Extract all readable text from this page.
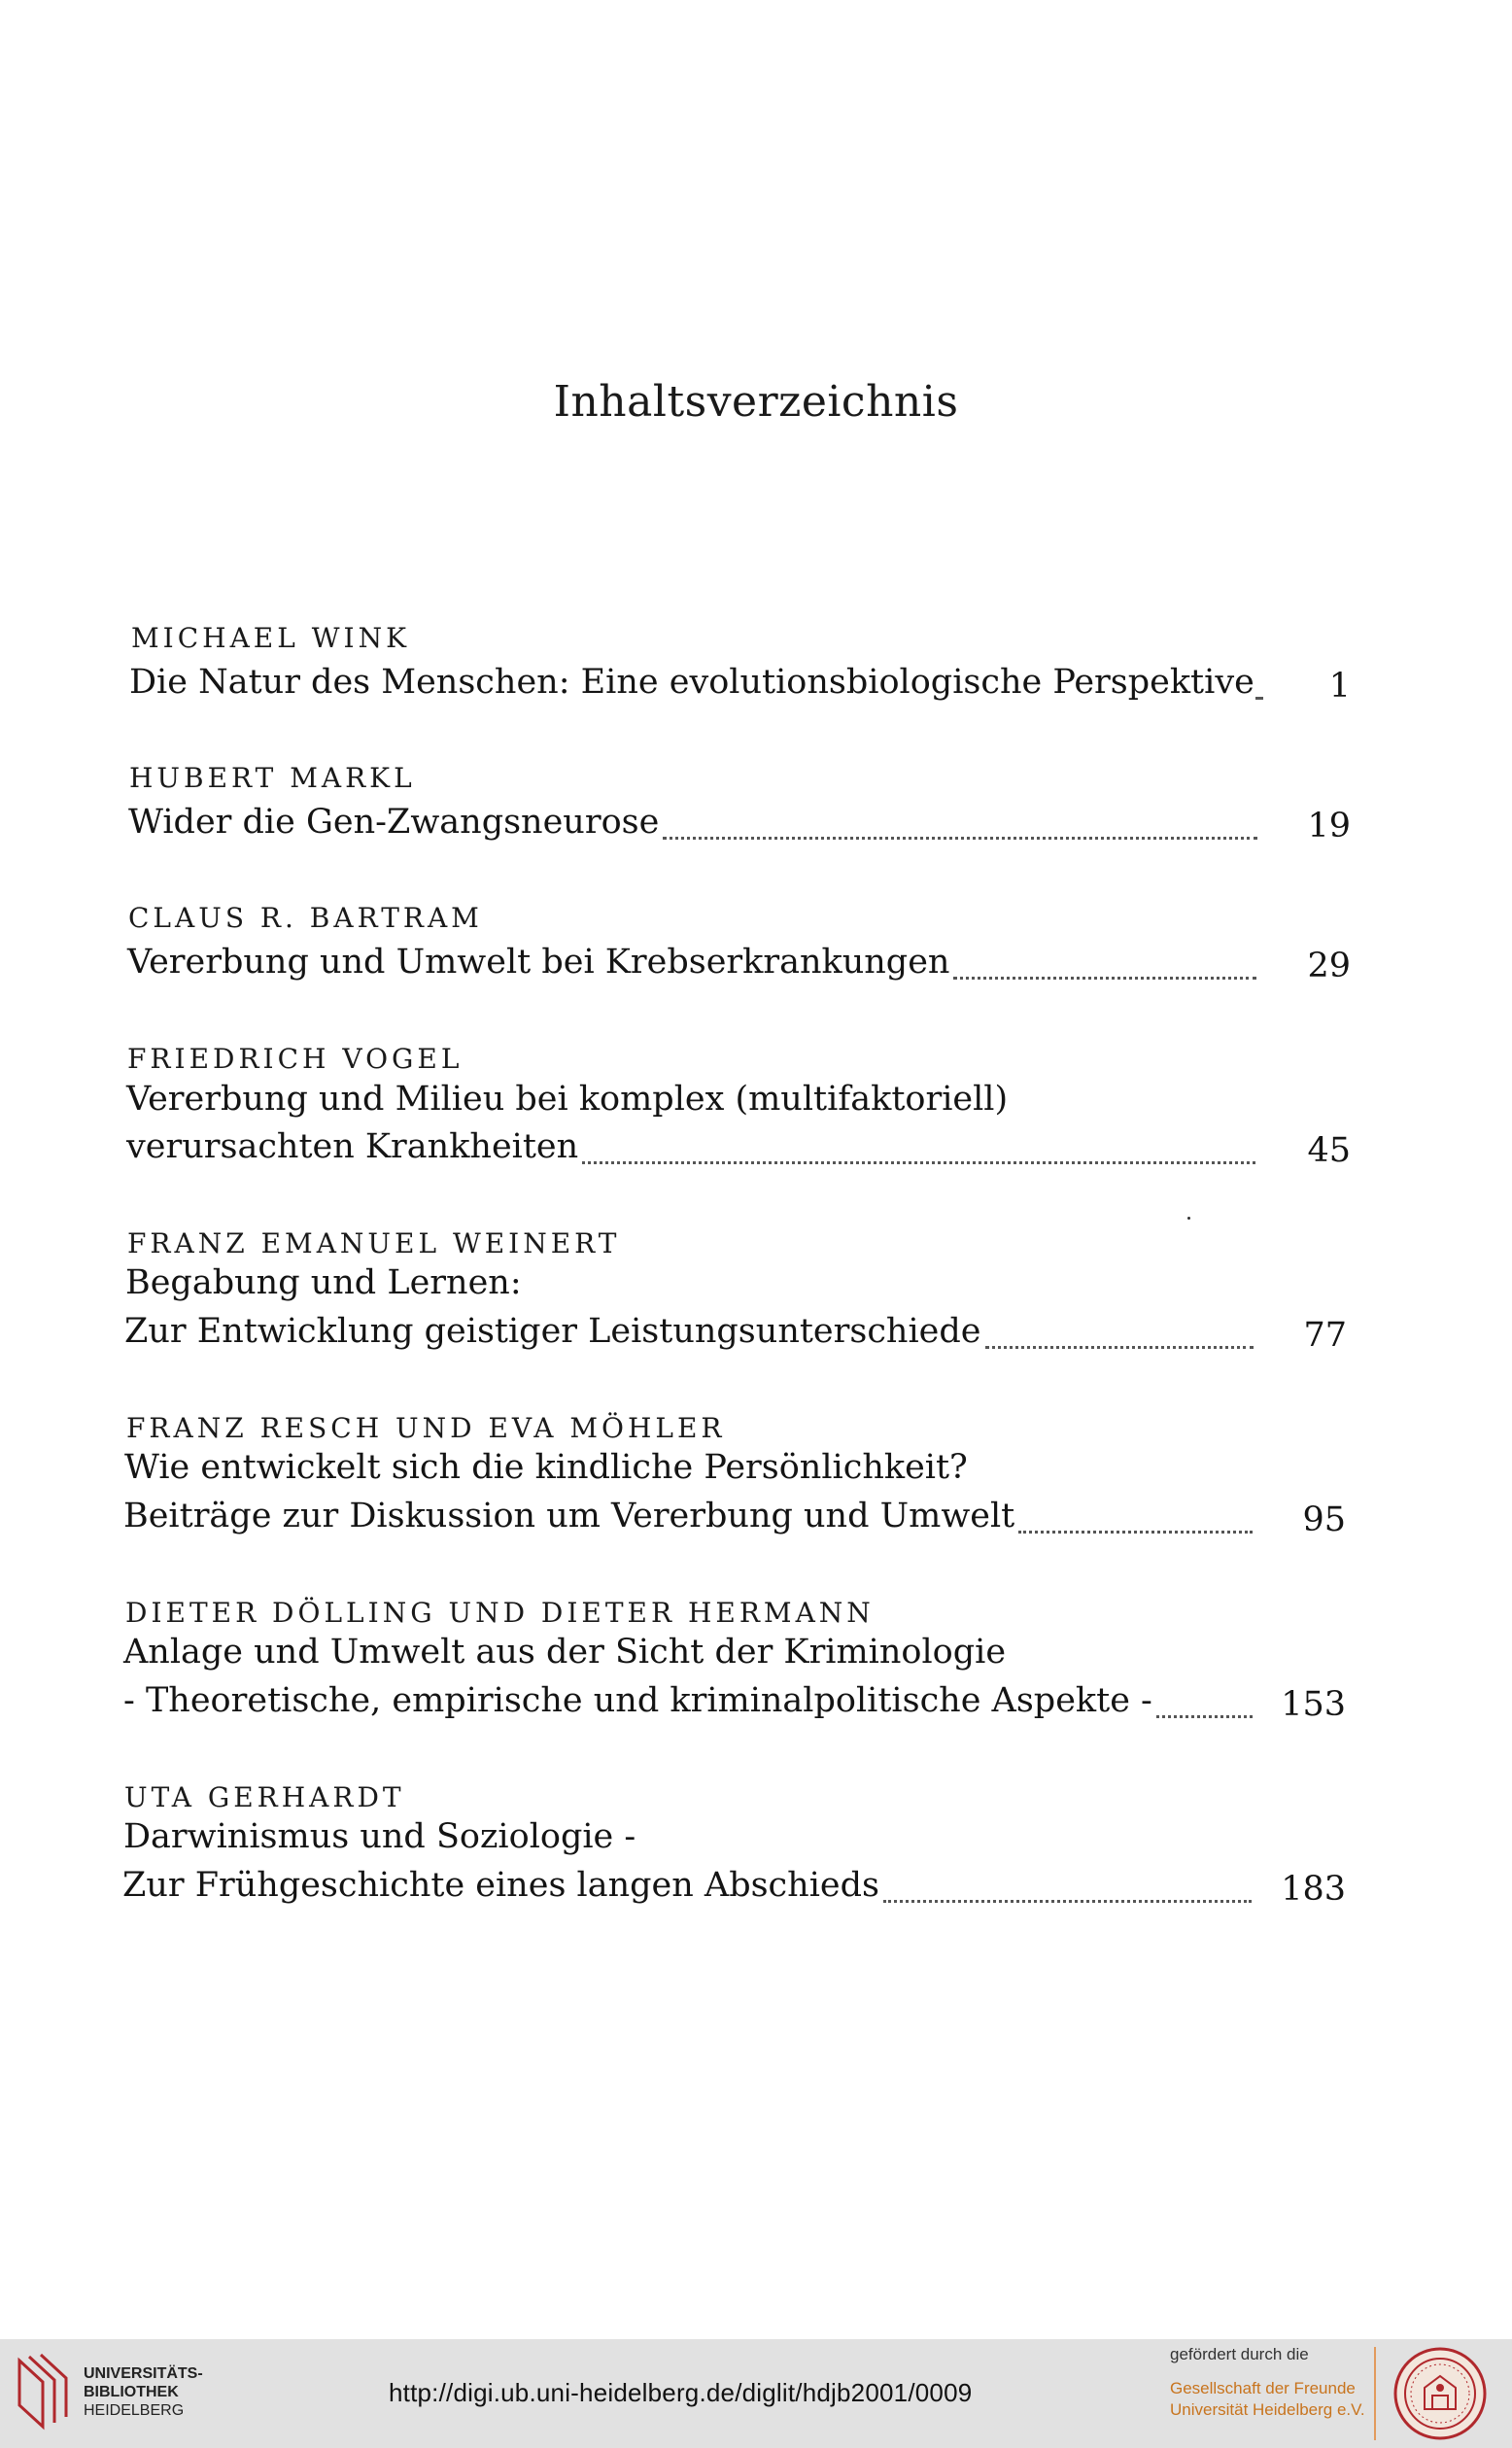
Inhaltsverzeichnis
MICHAEL WINK
Die Natur des Menschen: Eine evolutionsbiologische Perspektive	1
HUBERT MARKL
Wider die Gen-Zwangsneurose	19
CLAUS R. BARTRAM
Vererbung und Umwelt bei Krebserkrankungen	29
FRIEDRICH VOGEL
Vererbung und Milieu bei komplex (multifaktoriell)
verursachten Krankheiten	45
FRANZ EMANUEL WEINERT
Begabung und Lernen:
Zur Entwicklung geistiger Leistungsunterschiede	77
FRANZ RESCH UND EVA MÖHLER
Wie entwickelt sich die kindliche Persönlichkeit?
Beiträge zur Diskussion um Vererbung und Umwelt	95
DIETER DÖLLING UND DIETER HERMANN
Anlage und Umwelt aus der Sicht der Kriminologie
- Theoretische, empirische und kriminalpolitische Aspekte -	153
UTA GERHARDT
Darwinismus und Soziologie -
Zur Frühgeschichte eines langen Abschieds	183
UNIVERSITÄTS-
BIBLIOTHEK
HEIDELBERG
http://digi.ub.uni-heidelberg.de/diglit/hdjb2001/0009
gefördert durch die
Gesellschaft der Freunde
Universität Heidelberg e.V.
